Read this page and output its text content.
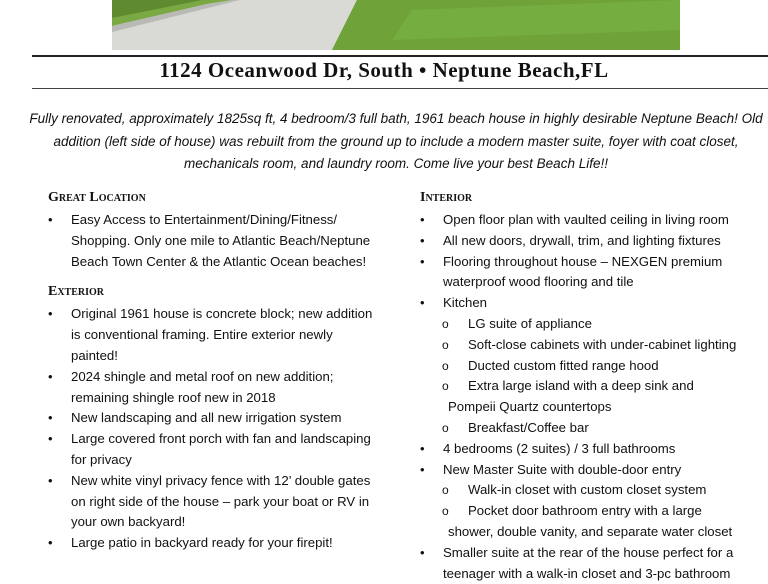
1124 Oceanwood Dr, South • Neptune Beach,FL
Fully renovated, approximately 1825sq ft, 4 bedroom/3 full bath, 1961 beach house in highly desirable Neptune Beach! Old addition (left side of house) was rebuilt from the ground up to include a modern master suite, foyer with coat closet, mechanicals room, and laundry room. Come live your best Beach Life!!
Great Location
• Easy Access to Entertainment/Dining/Fitness/ Shopping. Only one mile to Atlantic Beach/Neptune Beach Town Center & the Atlantic Ocean beaches!
Exterior
• Original 1961 house is concrete block; new addition is conventional framing. Entire exterior newly painted!
• 2024 shingle and metal roof on new addition; remaining shingle roof new in 2018
• New landscaping and all new irrigation system
• Large covered front porch with fan and landscaping for privacy
• New white vinyl privacy fence with 12’ double gates on right side of the house – park your boat or RV in your own backyard!
• Large patio in backyard ready for your firepit!
Interior
• Open floor plan with vaulted ceiling in living room
• All new doors, drywall, trim, and lighting fixtures
• Flooring throughout house – NEXGEN premium waterproof wood flooring and tile
• Kitchen
o LG suite of appliance
o Soft-close cabinets with under-cabinet lighting
o Ducted custom fitted range hood
o Extra large island with a deep sink and
Pompeii Quartz countertops
o Breakfast/Coffee bar
• 4 bedrooms (2 suites) / 3 full bathrooms
• New Master Suite with double-door entry
o Walk-in closet with custom closet system
o Pocket door bathroom entry with a large
shower, double vanity, and separate water closet
• Smaller suite at the rear of the house perfect for a teenager with a walk-in closet and 3-pc bathroom
